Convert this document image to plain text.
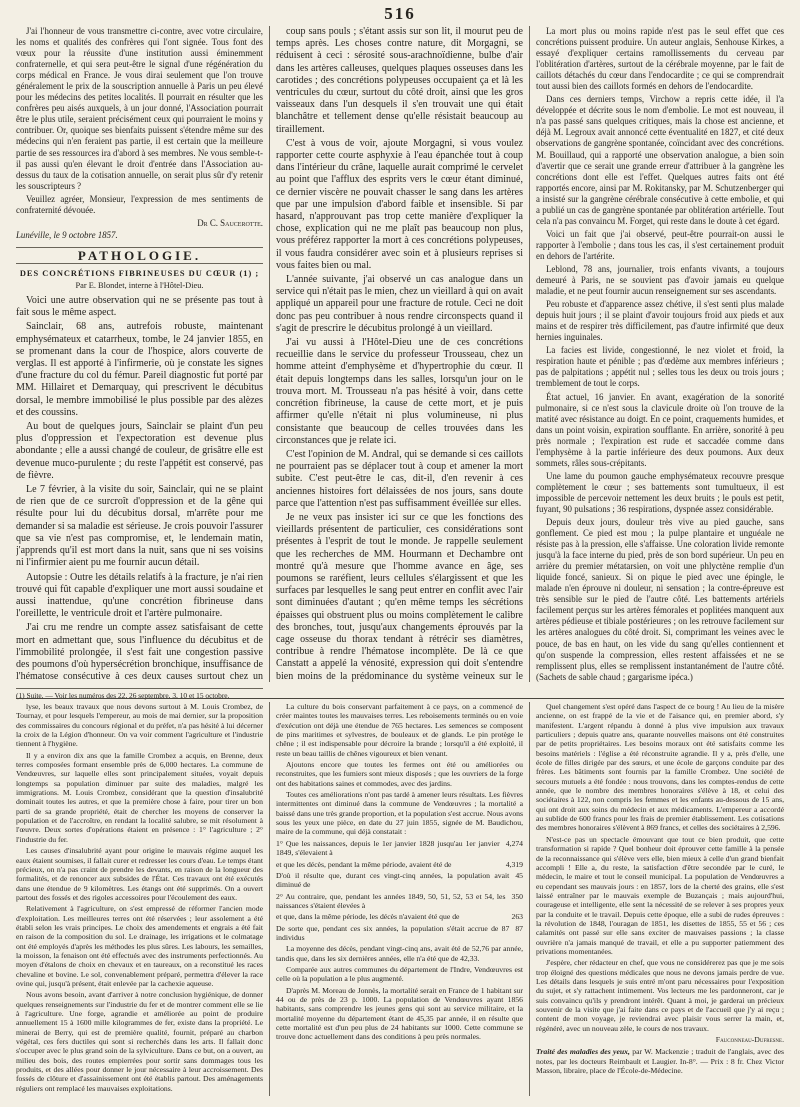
516

J'ai l'honneur de vous transmettre ci-contre, avec votre circulaire, les noms et qualités des confrères qui l'ont signée. Tous font des vœux pour la réussite d'une institution aussi éminemment confraternelle, et qui sera peut-être le signal d'une régénération du corps médical en France. Je vous dirai seulement que l'on trouve généralement le prix de la souscription annuelle à Paris un peu élevé pour les médecins des petites localités. Il pourrait en résulter que les confrères peu aisés auxquels, à un jour donné, l'Association pourrait être le plus utile, seraient précisément ceux qui pourraient le moins y contribuer. Or, quoique ses bienfaits puissent s'étendre même sur des médecins qui n'en feraient pas partie, il est certain que la meilleure partie de ses ressources ira d'abord à ses membres. Ne vous semble-t-il pas aussi qu'en élevant le droit d'entrée dans l'Association au-dessus du taux de la cotisation annuelle, on serait plus sûr d'y retenir les souscripteurs ?

Veuillez agréer, Monsieur, l'expression de mes sentiments de confraternité dévouée.

Dr C. Saucerotte.
Lunéville, le 9 octobre 1857.
PATHOLOGIE.
DES CONCRÉTIONS FIBRINEUSES DU CŒUR (1) ;
Par E. Blondet, interne à l'Hôtel-Dieu.

Voici une autre observation qui ne se présente pas tout à fait sous le même aspect.

Sainclair, 68 ans, autrefois robuste, maintenant emphysémateux et catarrheux, tombe, le 24 janvier 1855, en se promenant dans la cour de l'hospice, alors couverte de verglas. Il est apporté à l'infirmerie, où je constate les signes d'une fracture du col du fémur. Pareil diagnostic fut porté par MM. Hillairet et Demarquay, qui prescrivent le décubitus dorsal, le membre immobilisé le plus possible par des alèzes et des coussins.

Au bout de quelques jours, Sainclair se plaint d'un peu plus d'oppression et l'expectoration est devenue plus abondante ; elle a aussi changé de couleur, de grisâtre elle est devenue muco-purulente ; du reste l'appétit est conservé, pas de fièvre.

Le 7 février, à la visite du soir, Sainclair, qui ne se plaint de rien que de ce surcroît d'oppression et de la gêne qui résulte pour lui du décubitus dorsal, m'arrête pour me demander si sa maladie est sérieuse. Je crois pouvoir l'assurer que sa vie n'est pas compromise, et, le lendemain matin, j'apprends qu'il est mort dans la nuit, sans que ni ses voisins ni l'infirmier aient pu me fournir aucun détail.

Autopsie : Outre les détails relatifs à la fracture, je n'ai rien trouvé qui fût capable d'expliquer une mort aussi soudaine et aussi inattendue, qu'une concrétion fibrineuse dans l'oreillette, le ventricule droit et l'artère pulmonaire.

J'ai cru me rendre un compte assez satisfaisant de cette mort en admettant que, sous l'influence du décubitus et de l'immobilité prolongée, il s'est fait une congestion passive des poumons d'où hypersécrétion bronchique, insuffisance de l'hématose consécutive à ces deux causes surtout chez un

coup sans pouls ; s'étant assis sur son lit, il mourut peu de temps après. Les choses contre nature, dit Morgagni, se réduisent à ceci : sérosité sous-arachnoïdienne, bulbe d'air dans les artères calleuses, quelques plaques osseuses dans les carotides ; des concrétions polypeuses occupaient ça et là les ventricules du cœur, surtout du côté droit, ainsi que les gros vaisseaux dans l'un desquels il s'en trouvait une qui était blanchâtre et tellement dense qu'elle résistait beaucoup au tiraillement.

C'est à vous de voir, ajoute Morgagni, si vous voulez rapporter cette courte asphyxie à l'eau épanchée tout à coup dans l'intérieur du crâne, laquelle aurait comprimé le cervelet au point que l'afflux des esprits vers le cœur étant diminué, ce dernier viscère ne pouvait chasser le sang dans les artères que par une impulsion d'abord faible et insensible. Si par hasard, n'approuvant pas trop cette manière d'expliquer la chose, explication qui ne me plaît pas beaucoup non plus, vous préférez rapporter la mort à ces concrétions polypeuses, il vous faudra considérer avec soin et à plusieurs reprises si vous faites bien ou mal.

L'année suivante, j'ai observé un cas analogue dans un service qui n'était pas le mien, chez un vieillard à qui on avait appliqué un appareil pour une fracture de rotule. Ceci ne doit donc pas peu contribuer à nous rendre circonspects quand il s'agit de prescrire le décubitus prolongé à un vieillard.

J'ai vu aussi à l'Hôtel-Dieu une de ces concrétions recueillie dans le service du professeur Trousseau, chez un homme atteint d'emphysème et d'hypertrophie du cœur. Il était depuis longtemps dans les salles, lorsqu'un jour on le trouva mort. M. Trousseau n'a pas hésité à voir, dans cette concrétion fibrineuse, la cause de cette mort, et je puis affirmer qu'elle n'était ni plus volumineuse, ni plus consistante que beaucoup de celles trouvées dans les circonstances que je relate ici.

C'est l'opinion de M. Andral, qui se demande si ces caillots ne pourraient pas se déplacer tout à coup et amener la mort subite. C'est peut-être le cas, dit-il, d'en revenir à ces anciennes histoires fort délaissées de nos jours, sans doute parce que l'attention n'est pas suffisamment éveillée sur elles.

Je ne veux pas insister ici sur ce que les fonctions des vieillards présentent de particulier, ces considérations sont présentes à l'esprit de tout le monde. Je rappelle seulement que les recherches de MM. Hourmann et Dechambre ont montré qu'à mesure que l'homme avance en âge, ses poumons se raréfient, leurs cellules s'élargissent et que les surfaces par lesquelles le sang peut entrer en conflit avec l'air sont diminuées d'autant ; qu'en même temps les sécrétions épaisses qui obstruent plus ou moins complètement le calibre des bronches, tout, jusqu'aux changements éprouvés par la cage osseuse du thorax tendant à rétrécir ses diamètres, contribue à rendre l'hématose incomplète. De là ce que Canstatt a appelé la vénosité, expression qui doit s'entendre bien moins de la prédominance du système veineux sur le

La mort plus ou moins rapide n'est pas le seul effet que ces concrétions puissent produire. Un auteur anglais, Senhouse Kirkes, a essayé d'expliquer certains ramollissements du cerveau par l'oblitération d'artères, surtout de la cérébrale moyenne, par le fait de caillots détachés du cœur dans l'endocardite ; ce qui se comprendrait tout aussi bien des caillots formés en dehors de l'endocardite.

Dans ces derniers temps, Virchow a repris cette idée, il l'a développée et décrite sous le nom d'embolie. Le mot est nouveau, il n'a pas passé sans quelques critiques, mais la chose est ancienne, et déjà M. Legroux avait annoncé cette éventualité en 1827, et cité deux observations de gangrène spontanée, coïncidant avec des concrétions. M. Bouillaud, qui a rapporté une observation analogue, a bien soin d'avertir que ce serait une grande erreur d'attribuer à la gangrène les concrétions dont elle est l'effet. Quelques autres faits ont été rapportés encore, ainsi par M. Rokitansky, par M. Schutzenberger qui a insisté sur la gangrène cérébrale consécutive à cette embolie, et qui a publié un cas de gangrène spontanée par oblitération artérielle. Tout cela n'a pas convaincu M. Forget, qui reste dans le doute à cet égard.

Voici un fait que j'ai observé, peut-être pourrait-on aussi le rapporter à l'embolie ; dans tous les cas, il s'est certainement produit en dehors de l'artérite.

Leblond, 78 ans, journalier, trois enfants vivants, a toujours demeuré à Paris, ne se souvient pas d'avoir jamais eu quelque maladie, et ne peut fournir aucun renseignement sur ses ascendants.

Peu robuste et d'apparence assez chétive, il s'est senti plus malade depuis huit jours ; il se plaint d'avoir toujours froid aux pieds et aux mains et de respirer très difficilement, pas d'autre infirmité que deux hernies inguinales.

La facies est livide, congestionné, le nez violet et froid, la respiration haute et pénible ; pas d'œdème aux membres inférieurs ; pas de palpitations ; appétit nul ; selles tous les deux ou trois jours ; tremblement de tout le corps.

État actuel, 16 janvier. En avant, exagération de la sonorité pulmonaire, si ce n'est sous la clavicule droite où l'on trouve de la matité avec résistance au doigt. En ce point, craquements humides, et dans un point voisin, expiration soufflante. En arrière, sonorité à peu près normale ; l'expiration est rude et saccadée comme dans l'emphysème à la partie inférieure des deux poumons. Aux deux sommets, râles sous-crépitants.

Une lame du poumon gauche emphysémateux recouvre presque complètement le cœur ; ses battements sont tumultueux, il est impossible de percevoir nettement les deux bruits ; le pouls est petit, fuyant, 90 pulsations ; 36 respirations, dyspnée assez considérable.

Depuis deux jours, douleur très vive au pied gauche, sans gonflement. Ce pied est mou ; la pulpe plantaire et unguéale ne résiste pas à la pression, elle s'affaisse. Une coloration livide remonte jusqu'à la face interne du pied, près de son bord supérieur. Un peu en arrière du premier métatarsien, on voit une phlyctène remplie d'un liquide foncé, sanieux. Si on pique le pied avec une épingle, le malade n'en éprouve ni douleur, ni sensation ; la contre-épreuve est très sensible sur le pied de l'autre côté. Les battements artériels facilement perçus sur les artères fémorales et poplitées manquent aux artères pédieuse et tibiale postérieures ; on les retrouve facilement sur les artères analogues du côté droit. Si, comprimant les veines avec le pouce, de bas en haut, on les vide du sang qu'elles contiennent et qu'on suspende la compression, elles restent affaissées et ne se remplissent plus, elles se remplissent instantanément de l'autre côté. (Sachets de sable chaud ; gargarisme ipéca.)

(1) Suite. — Voir les numéros des 22, 26 septembre, 3, 10 et 15 octobre.

lyse, les beaux travaux que nous devons surtout à M. Louis Crombez, de Tournay, et pour lesquels l'empereur, au mois de mai dernier, sur la proposition des commissaires du concours régional et du préfet, n'a pas hésité à lui décerner la croix de la Légion d'honneur. On va voir comment l'agriculture et l'industrie tiennent à l'hygiène.

Il y a environ dix ans que la famille Crombez a acquis, en Brenne, deux terres composées formant ensemble près de 6,000 hectares. La commune de Vendœuvres, sur laquelle elles sont principalement situées, voyait depuis longtemps sa population diminuer par suite des maladies, malgré les immigrations. M. Louis Crombez, considérant que la question d'insalubrité dominait toutes les autres, et que la première chose à faire, pour tirer un bon parti de sa grande propriété, était de chercher les moyens de conserver la population et de l'accroître, en rendant la localité salubre, se mit résolument à l'œuvre. Deux sortes d'opérations étaient en présence : 1° l'agriculture ; 2° l'industrie du fer.

Les causes d'insalubrité ayant pour origine le mauvais régime auquel les eaux étaient soumises, il fallait curer et redresser les cours d'eau. Le temps étant précieux, on n'a pas craint de prendre les devants, en raison de la longueur des formalités, et de renoncer aux subsides de l'État. Ces travaux ont été exécutés dans une étendue de 9 kilomètres. Les étangs ont été supprimés. On a ouvert partout des fossés et des rigoles accessoires pour l'écoulement des eaux.

Relativement à l'agriculture, on s'est empressé de réformer l'ancien mode d'exploitation. Les meilleures terres ont été réservées ; leur assolement a été établi selon les vrais principes. Le choix des amendements et engrais a été fait en raison de la composition du sol. Le drainage, les irrigations et le colmatage ont été employés d'après les méthodes les plus sûres. Les labours, les semailles, la moisson, la fenaison ont été effectués avec des instruments perfectionnés. Au moyen d'étalons de choix en chevaux et en taureaux, on a reconstitué les races chevaline et bovine. Le sol, convenablement préparé, permettra d'élever la race ovine qui, jusqu'à présent, était enlevée par la cachexie aqueuse.

Nous avons besoin, avant d'arriver à notre conclusion hygiénique, de donner quelques renseignements sur l'industrie du fer et de montrer comment elle se lie à l'agriculture. Une forge, agrandie et améliorée au point de produire annuellement 15 à 1600 mille kilogrammes de fer, existe dans la propriété. Le minerai de Berry, qui est de première qualité, fournit, préparé au charbon végétal, ces fers ductiles qui sont si recherchés dans les arts. Il fallait donc s'occuper avec le plus grand soin de la sylviculture. Dans ce but, on a ouvert, au milieu des bois, des routes empierrées pour sortir sans dommages tous les produits, et des allées pour donner le jour nécessaire à leur accroissement. Des fossés de clôture et d'assainissement ont été établis partout. Des aménagements réguliers ont remplacé les mauvaises exploitations.

La culture du bois conservant parfaitement à ce pays, on a commencé de créer maintes toutes les mauvaises terres. Les reboisements terminés ou en voie d'exécution ont déjà une étendue de 765 hectares. Les semences se composent de pins maritimes et sylvestres, de bouleaux et de glands. Le pin protège le chêne ; il est indispensable pour décroire la brande ; lorsqu'il a été exploité, il reste un beau taillis de chênes vigoureux et bien venant.

Ajoutons encore que toutes les fermes ont été ou améliorées ou reconstruites, que les fumiers sont mieux disposés ; que les ouvriers de la forge ont des habitations saines et commodes, avec des jardins.

Toutes ces améliorations n'ont pas tardé à amener leurs résultats. Les fièvres intermittentes ont diminué dans la commune de Vendœuvres ; la mortalité a baissé dans une très grande proportion, et la population s'est accrue. Nous avons sous les yeux une pièce, en date du 27 juin 1855, signée de M. Baudichou, maire de la commune, qui déjà constatait :

1° Que les naissances, depuis le 1er janvier 1828 jusqu'au 1er janvier 1849, s'élevaient à
4,274

et que les décès, pendant la même période, avaient été de	4,319

D'où il résulte que, durant ces vingt-cinq années, la population avait diminué de
45

2° Au contraire, que, pendant les années 1849, 50, 51, 52, 53 et 54, les naissances s'étaient élevées à
350

et que, dans la même période, les décès n'avaient été que de	263

De sorte que, pendant ces six années, la population s'était accrue de 87 individus
87

La moyenne des décès, pendant vingt-cinq ans, avait été de 52,76 par année, tandis que, dans les six dernières années, elle n'a été que de 42,33.

Comparée aux autres communes du département de l'Indre, Vendœuvres est celle où la population a le plus augmenté.

D'après M. Moreau de Jonnès, la mortalité serait en France de 1 habitant sur 44 ou de près de 23 p. 1000. La population de Vendœuvres ayant 1856 habitants, sans comprendre les jeunes gens qui sont au service militaire, et la mortalité moyenne du département étant de 45,35 par année, il en résulte que cette mortalité est d'un peu plus de 24 habitants sur 1000. Cette commune se trouve donc actuellement dans des conditions à peu près normales.

Quel changement s'est opéré dans l'aspect de ce bourg ! Au lieu de la misère ancienne, on est frappé de la vie et de l'aisance qui, en premier abord, s'y manifestent. L'argent répandu à donné à plus vive impulsion aux travaux particuliers ; depuis quatre ans, quarante nouvelles maisons ont été construites par de petits propriétaires. Les besoins moraux ont été satisfaits comme les besoins matériels : l'église a été réconstruite agrandie. Il y a, près d'elle, une école de filles dirigée par des sœurs, et une école de garçons conduite par des frères. Les bâtiments sont fournis par la famille Crombez. Une société de secours mutuels a été fondée : nous trouvons, dans les comptes-rendus de cette année, que le nombre des membres honoraires s'élève à 18, et celui des sociétaires à 122, non compris les femmes et les enfants au-dessous de 15 ans, qui ont droit aux soins du médecin et aux médicaments. L'empereur a accordé au sublide de 600 francs pour les frais de premier établissement. Les cotisations des membres honoraires s'élèvent à 869 francs, et celles des sociétaires à 2,596.

N'est-ce pas un spectacle émouvant que tout ce bien produit, que cette transformation si rapide ? Quel bonheur doit éprouver cette famille à la pensée de la reconnaissance qui s'élève vers elle, bien mieux à celle d'un grand bienfait accompli ! Elle a, du reste, la satisfaction d'être secondée par le curé, le médecin, le maire et tout le conseil municipal. La population de Vendœuvres a eu cependant ses mauvais jours : en 1857, lors de la cherté des grains, elle s'est laissé entraîner par le mauvais exemple de Buzançais ; mais aujourd'hui, courageuse et intelligente, elle sent la nécessité de se relever à ses propres yeux par la conduite et le travail. Depuis cette époque, elle a subi de rudes épreuves : la révolution de 1848, l'ouragan de 1851, les disettes de 1855, 55 et 56 ; ces calamités ont passé sur elle sans exciter de mauvaises passions ; la classe ouvrière n'a jamais manqué de travail, et elle a pu supporter patiemment des privations momentanées.

J'espère, cher rédacteur en chef, que vous ne considérerez pas que je me sois trop éloigné des questions médicales que nous ne devons jamais perdre de vue. Les détails dans lesquels je suis entré m'ont paru nécessaires pour l'exposition du sujet, et s'y rattachent intimement. Vos lecteurs me les pardonneront, car je suis convaincu qu'ils y prendront intérêt. Quant à moi, je garderai un précieux souvenir de la visite que j'ai faite dans ce pays et de l'accueil que j'y ai reçu ; content de mon voyage, je reviendrai avec plaisir vous serrer la main, et, régénéré, avec un nouveau zèle, le cours de nos travaux.

Fauconneau-Dufresne.

Traité des maladies des yeux, par W. Mackenzie ; traduit de l'anglais, avec des notes, par les docteurs Reimbault et Laugier. In-8°. — Prix : 8 fr. Chez Victor Masson, libraire, place de l'École-de-Médecine.
